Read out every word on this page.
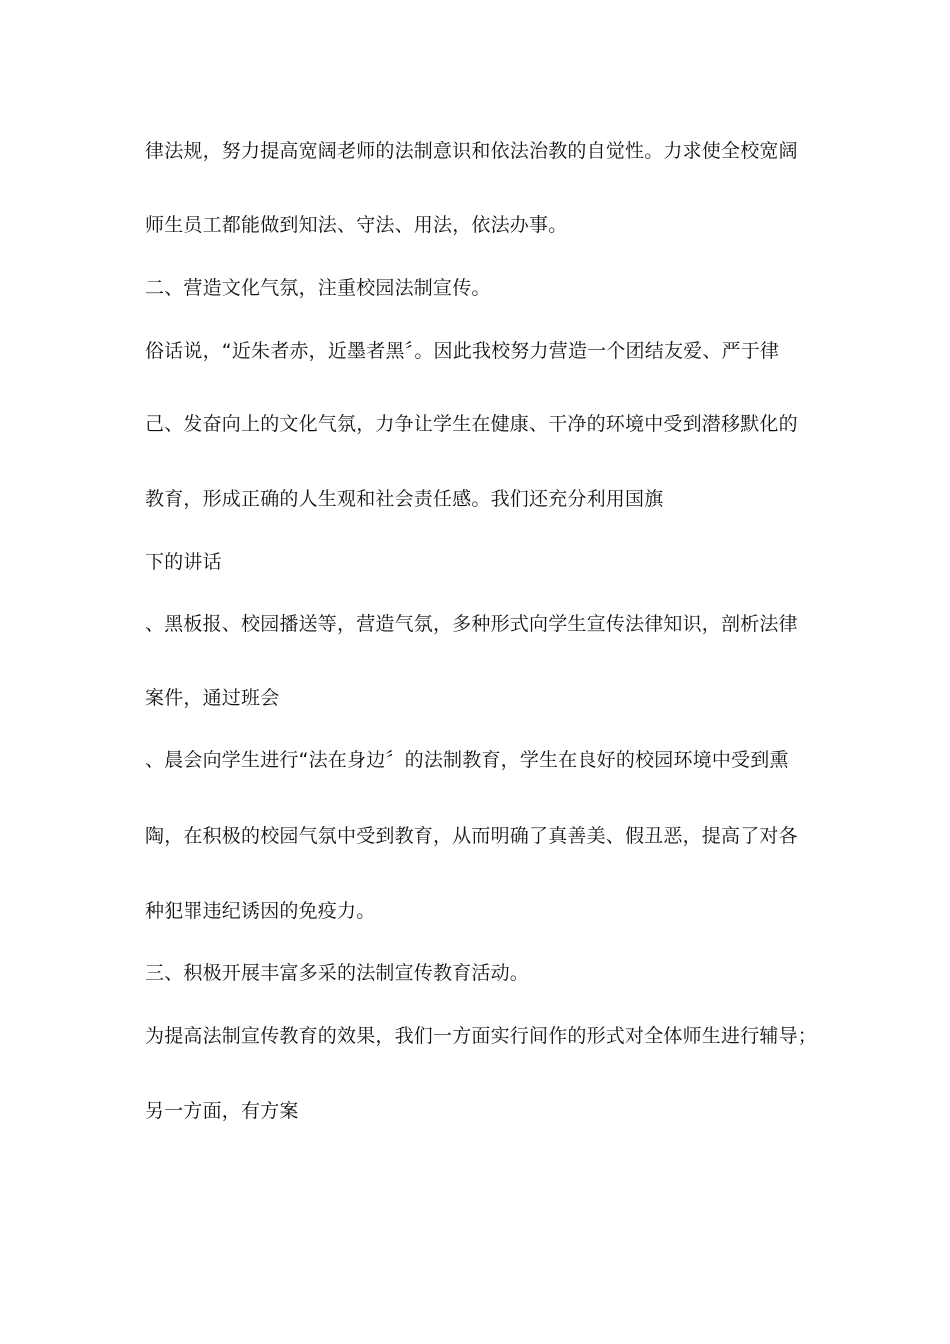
律法规，努力提高宽阔老师的法制意识和依法治教的自觉性。力求使全校宽阔
师生员工都能做到知法、守法、用法，依法办事。
二、营造文化气氛，注重校园法制宣传。
俗话说，“近朱者赤，近墨者黑〞。因此我校努力营造一个团结友爱、严于律
己、发奋向上的文化气氛，力争让学生在健康、干净的环境中受到潜移默化的
教育，形成正确的人生观和社会责任感。我们还充分利用国旗
下的讲话
、黑板报、校园播送等，营造气氛，多种形式向学生宣传法律知识，剖析法律
案件，通过班会
、晨会向学生进行“法在身边〞的法制教育，学生在良好的校园环境中受到熏
陶，在积极的校园气氛中受到教育，从而明确了真善美、假丑恶，提高了对各
种犯罪违纪诱因的免疫力。
三、积极开展丰富多采的法制宣传教育活动。
为提高法制宣传教育的效果，我们一方面实行间作的形式对全体师生进行辅导；
另一方面，有方案
